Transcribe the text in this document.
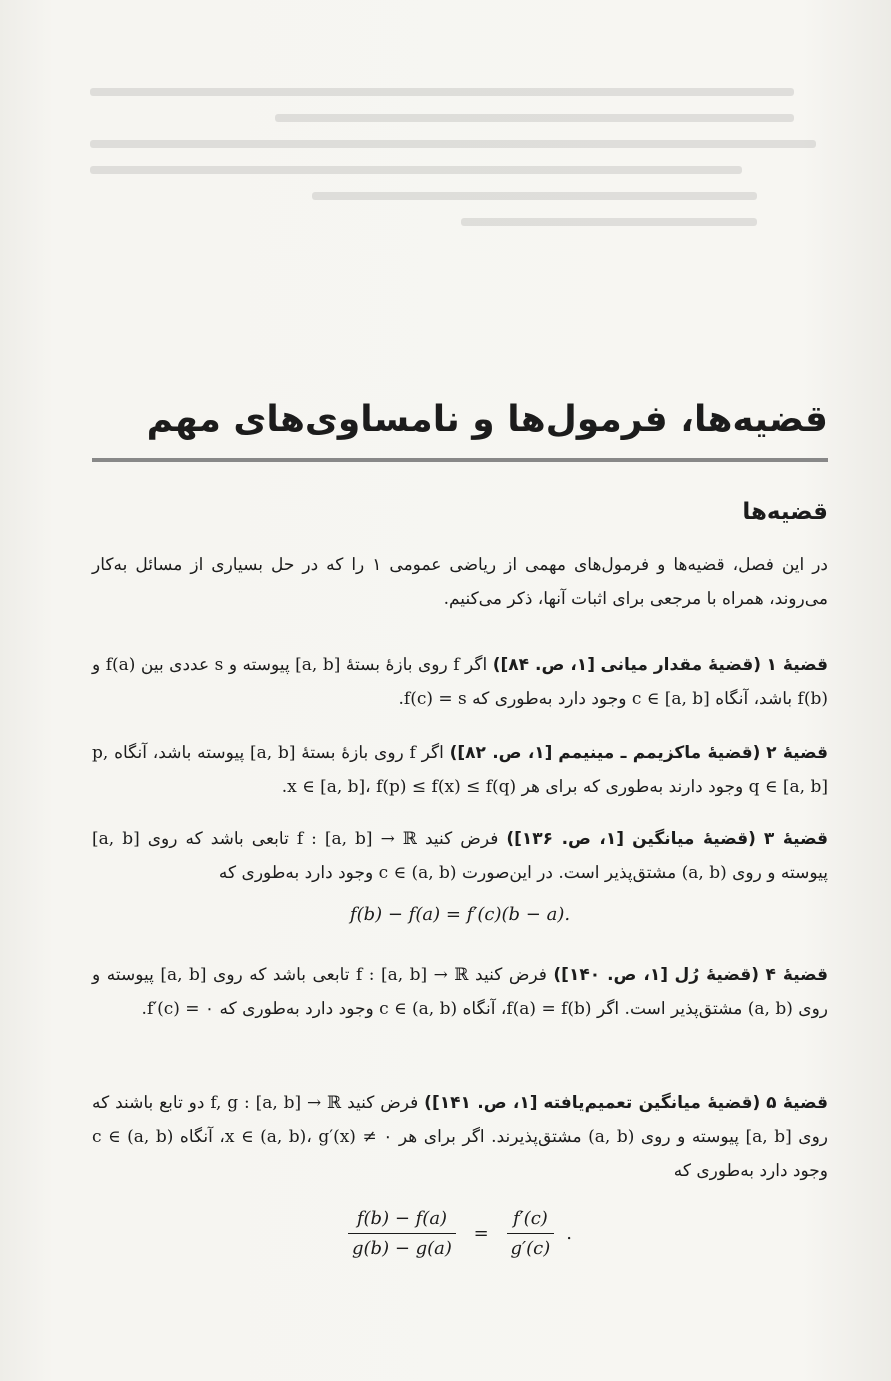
قضیه‌ها، فرمول‌ها و نامساوی‌های مهم
قضیه‌ها

در این فصل، قضیه‌ها و فرمول‌های مهمی از ریاضی عمومی ۱ را که در حل بسیاری از مسائل به‌کار می‌روند، همراه با مرجعی برای اثبات آنها، ذکر می‌کنیم.

قضیهٔ ۱ (قضیهٔ مقدار میانی [۱، ص. ۸۴]) اگر f روی بازهٔ بستهٔ [a, b] پیوسته و s عددی بین f(a) و f(b) باشد، آنگاه c ∈ [a, b] وجود دارد به‌طوری که f(c) = s.

قضیهٔ ۲ (قضیهٔ ماکزیمم ـ مینیمم [۱، ص. ۸۲]) اگر f روی بازهٔ بستهٔ [a, b] پیوسته باشد، آنگاه p, q ∈ [a, b] وجود دارند به‌طوری که برای هر x ∈ [a, b]، f(p) ≤ f(x) ≤ f(q).

قضیهٔ ۳ (قضیهٔ میانگین [۱، ص. ۱۳۶]) فرض کنید f : [a, b] → ℝ تابعی باشد که روی [a, b] پیوسته و روی (a, b) مشتق‌پذیر است. در این‌صورت c ∈ (a, b) وجود دارد به‌طوری که

f(b) − f(a) = f′(c)(b − a).

قضیهٔ ۴ (قضیهٔ رُل [۱، ص. ۱۴۰]) فرض کنید f : [a, b] → ℝ تابعی باشد که روی [a, b] پیوسته و روی (a, b) مشتق‌پذیر است. اگر f(a) = f(b)، آنگاه c ∈ (a, b) وجود دارد به‌طوری که f′(c) = ۰.

قضیهٔ ۵ (قضیهٔ میانگین تعمیم‌یافته [۱، ص. ۱۴۱]) فرض کنید f, g : [a, b] → ℝ دو تابع باشند که روی [a, b] پیوسته و روی (a, b) مشتق‌پذیرند. اگر برای هر x ∈ (a, b)، g′(x) ≠ ۰، آنگاه c ∈ (a, b) وجود دارد به‌طوری که

$\frac{f(b) - f(a)}{g(b) - g(a)} = \frac{f'(c)}{g'(c)}$ .
